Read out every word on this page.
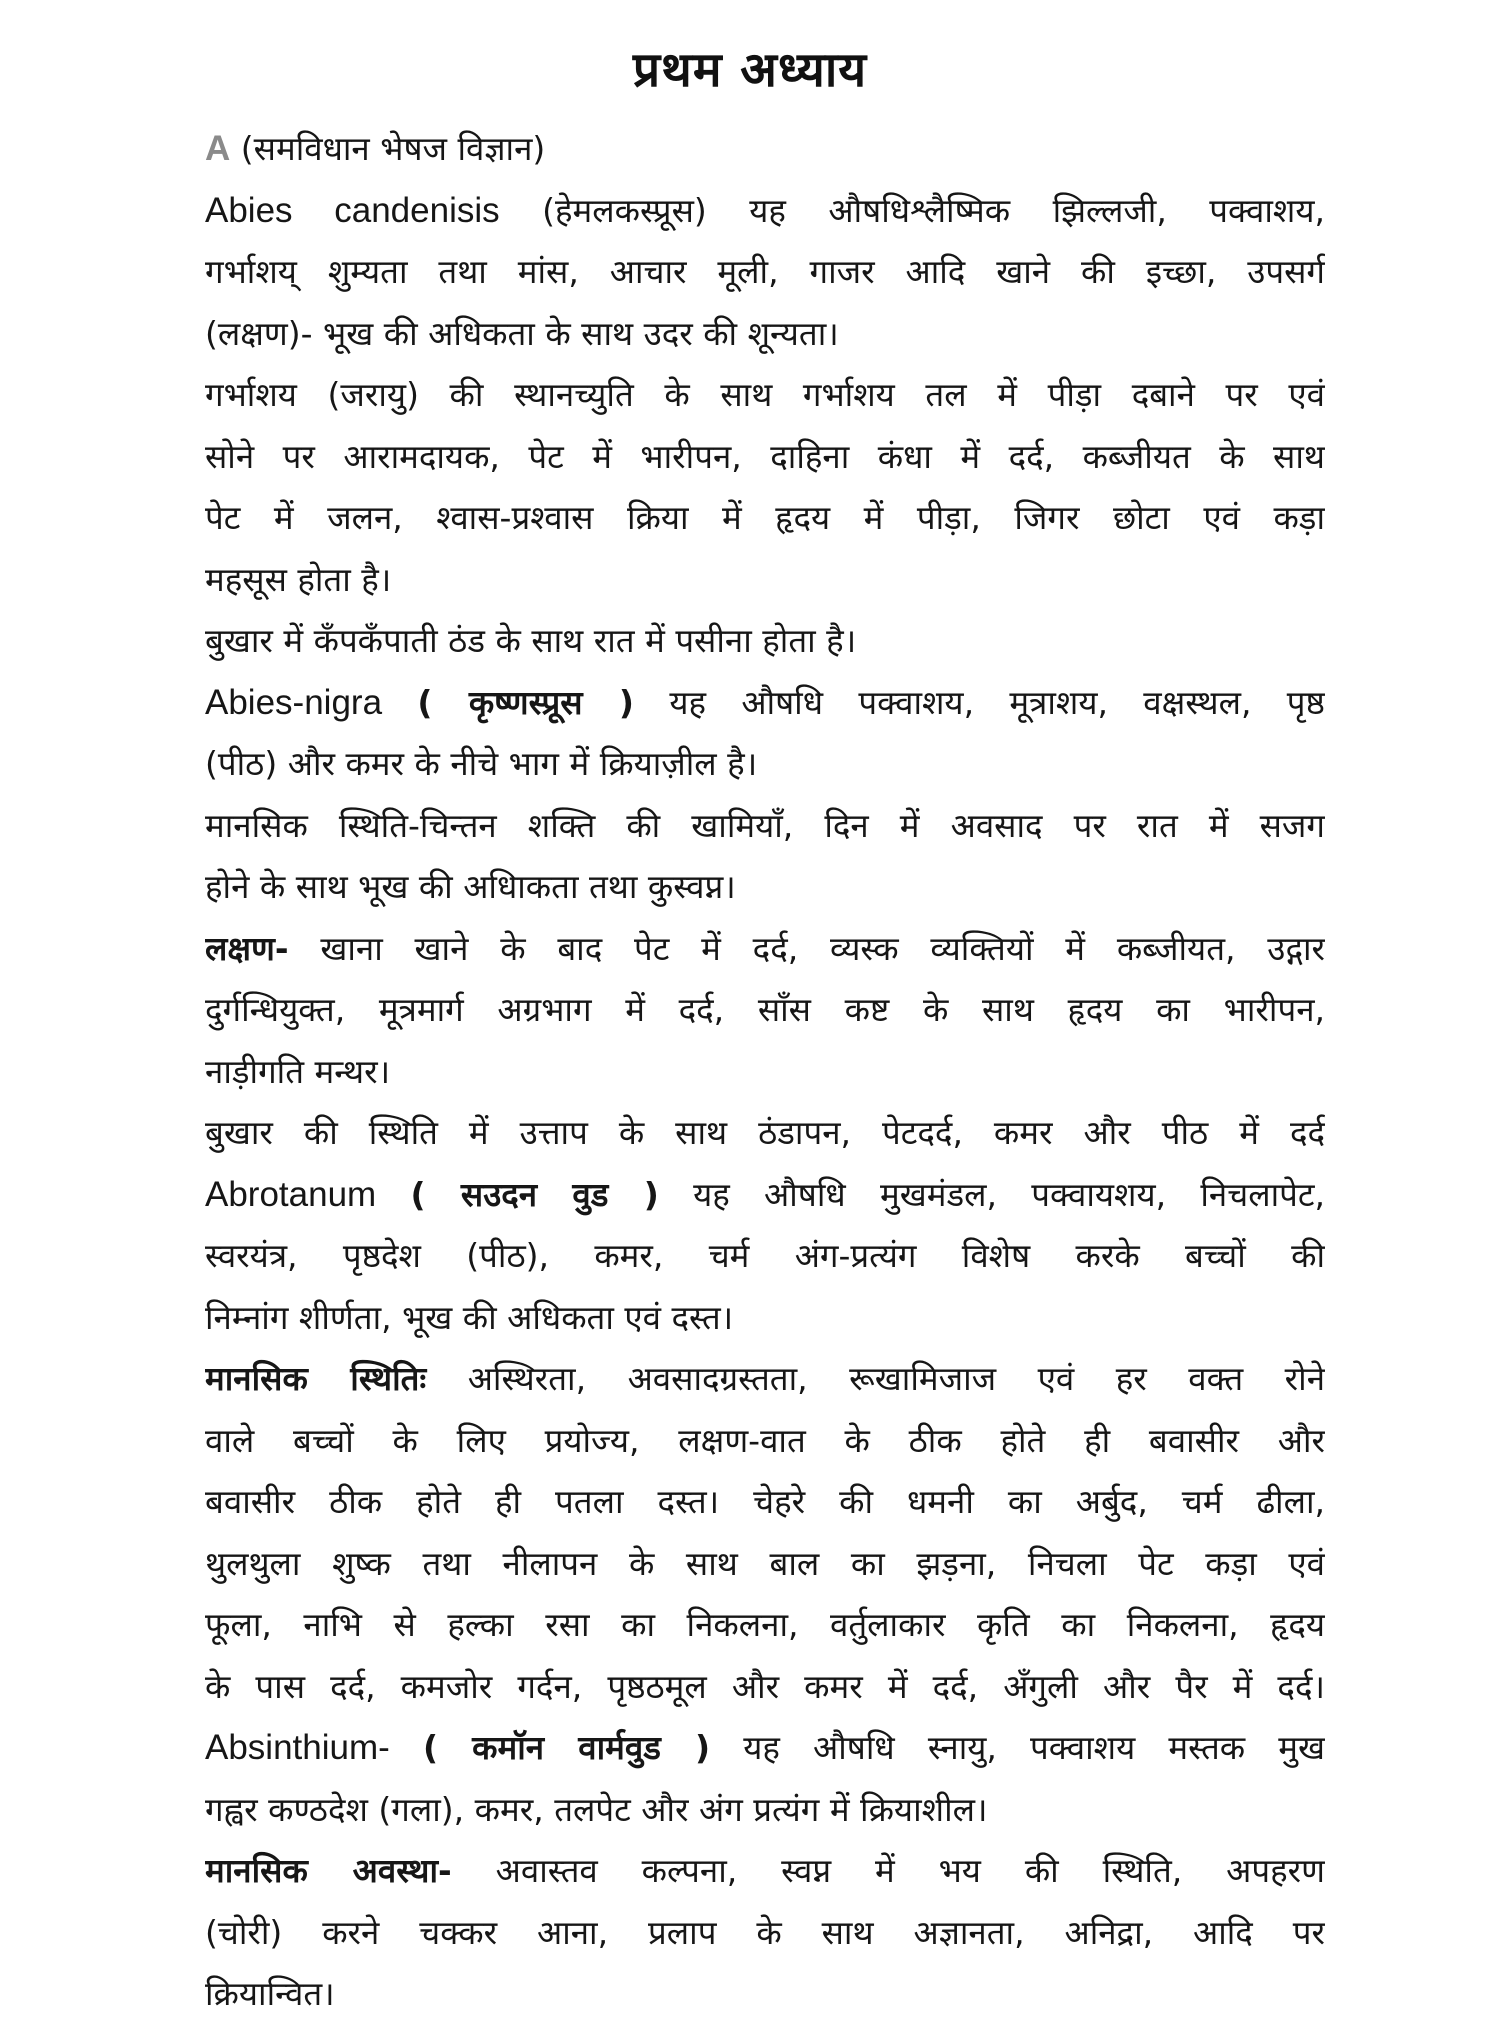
प्रथम अध्याय
A (समविधान भेषज विज्ञान)
Abies candenisis (हेमलकस्प्रूस) यह औषधिश्लैष्मिक झिल्लजी, पक्वाशय,
गर्भाशय् शुम्यता तथा मांस, आचार मूली, गाजर आदि खाने की इच्छा, उपसर्ग
(लक्षण)- भूख की अधिकता के साथ उदर की शून्यता।
गर्भाशय (जरायु) की स्थानच्युति के साथ गर्भाशय तल में पीड़ा दबाने पर एवं
सोने पर आरामदायक, पेट में भारीपन, दाहिना कंधा में दर्द, कब्जीयत के साथ
पेट में जलन, श्वास-प्रश्वास क्रिया में हृदय में पीड़ा, जिगर छोटा एवं कड़ा
महसूस होता है।
बुखार में कँपकँपाती ठंड के साथ रात में पसीना होता है।
Abies-nigra ( कृष्णस्प्रूस ) यह औषधि पक्वाशय, मूत्राशय, वक्षस्थल, पृष्ठ
(पीठ) और कमर के नीचे भाग में क्रियाज़ील है।
मानसिक स्थिति-चिन्तन शक्ति की खामियाँ, दिन में अवसाद पर रात में सजग
होने के साथ भूख की अधिाकता तथा कुस्वप्न।
लक्षण- खाना खाने के बाद पेट में दर्द, व्यस्क व्यक्तियों में कब्जीयत, उद्गार
दुर्गन्धियुक्त, मूत्रमार्ग अग्रभाग में दर्द, साँस कष्ट के साथ हृदय का भारीपन,
नाड़ीगति मन्थर।
बुखार की स्थिति में उत्ताप के साथ ठंडापन, पेटदर्द, कमर और पीठ में दर्द
Abrotanum ( सउदन वुड ) यह औषधि मुखमंडल, पक्वायशय, निचलापेट,
स्वरयंत्र, पृष्ठदेश (पीठ), कमर, चर्म अंग-प्रत्यंग विशेष करके बच्चों की
निम्नांग शीर्णता, भूख की अधिकता एवं दस्त।
मानसिक स्थितिः अस्थिरता, अवसादग्रस्तता, रूखामिजाज एवं हर वक्त रोने
वाले बच्चों के लिए प्रयोज्य, लक्षण-वात के ठीक होते ही बवासीर और
बवासीर ठीक होते ही पतला दस्त। चेहरे की धमनी का अर्बुद, चर्म ढीला,
थुलथुला शुष्क तथा नीलापन के साथ बाल का झड़ना, निचला पेट कड़ा एवं
फूला, नाभि से हल्का रसा का निकलना, वर्तुलाकार कृति का निकलना, हृदय
के पास दर्द, कमजोर गर्दन, पृष्ठठमूल और कमर में दर्द, अँगुली और पैर में दर्द।
Absinthium- ( कमॉन वार्मवुड ) यह औषधि स्नायु, पक्वाशय मस्तक मुख
गह्वर कण्ठदेश (गला), कमर, तलपेट और अंग प्रत्यंग में क्रियाशील।
मानसिक अवस्था- अवास्तव कल्पना, स्वप्न में भय की स्थिति, अपहरण
(चोरी) करने चक्कर आना, प्रलाप के साथ अज्ञानता, अनिद्रा, आदि पर
क्रियान्वित।
